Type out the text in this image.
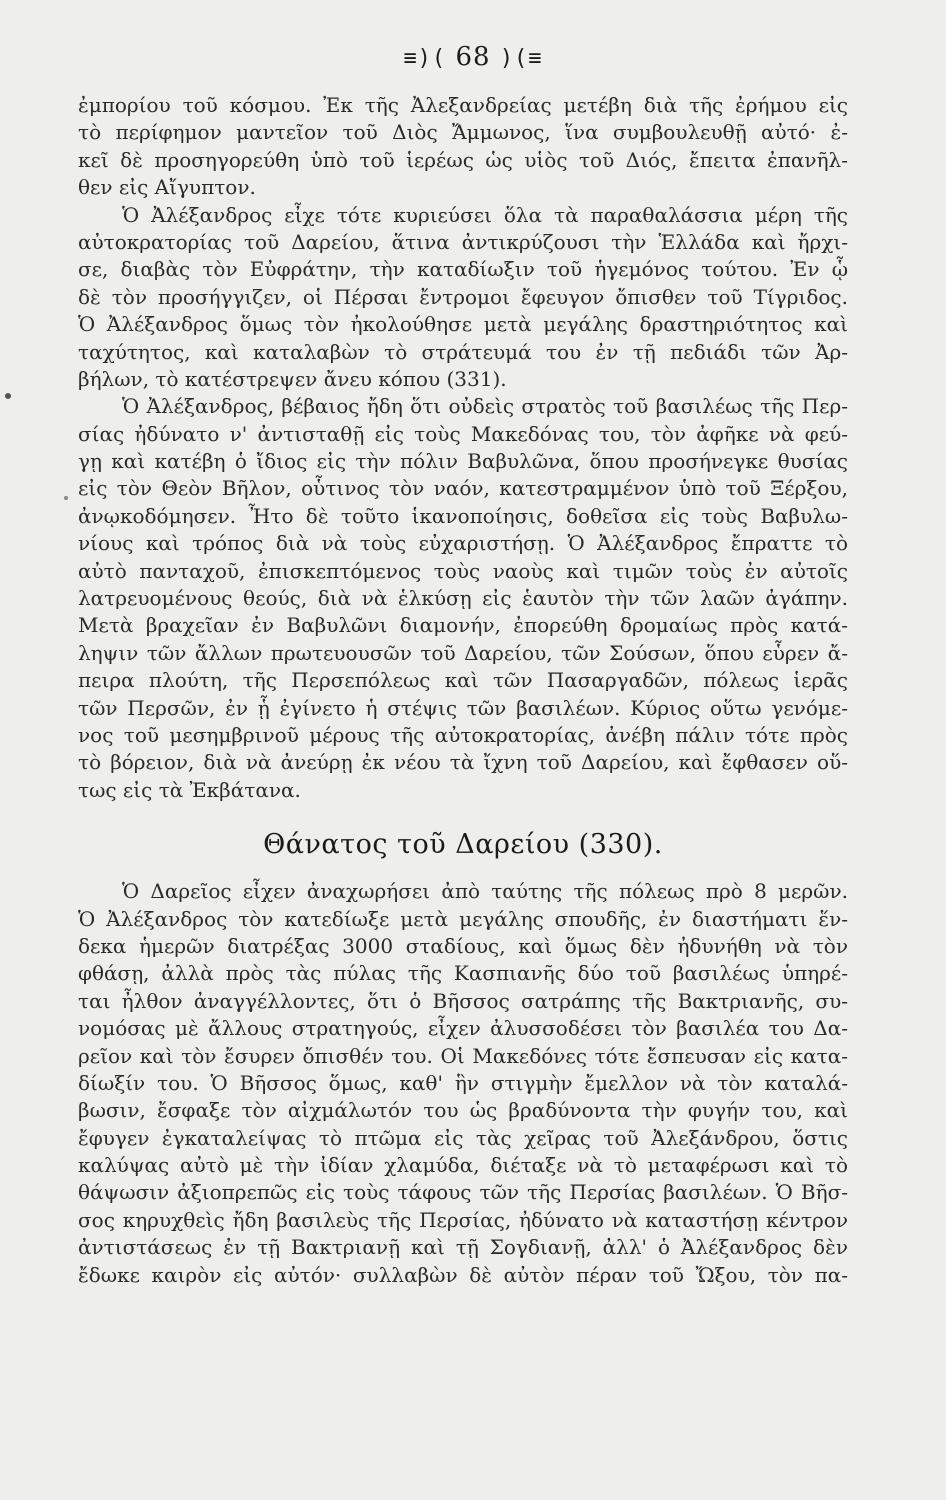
≡)( 68 )(≡
ἐμπορίου τοῦ κόσμου. Ἐκ τῆς Ἀλεξανδρείας μετέβη διὰ τῆς ἐρήμου εἰς
τὸ περίφημον μαντεῖον τοῦ Διὸς Ἄμμωνος, ἵνα συμβουλευθῇ αὐτό· ἐ-
κεῖ δὲ προσηγορεύθη ὑπὸ τοῦ ἱερέως ὡς υἱὸς τοῦ Διός, ἔπειτα ἐπανῆλ-
θεν εἰς Αἴγυπτον.
Ὁ Ἀλέξανδρος εἶχε τότε κυριεύσει ὅλα τὰ παραθαλάσσια μέρη τῆς
αὐτοκρατορίας τοῦ Δαρείου, ἅτινα ἀντικρύζουσι τὴν Ἑλλάδα καὶ ἤρχι-
σε, διαβὰς τὸν Εὐφράτην, τὴν καταδίωξιν τοῦ ἡγεμόνος τούτου. Ἐν ᾧ
δὲ τὸν προσήγγιζεν, οἱ Πέρσαι ἔντρομοι ἔφευγον ὄπισθεν τοῦ Τίγριδος.
Ὁ Ἀλέξανδρος ὅμως τὸν ἠκολούθησε μετὰ μεγάλης δραστηριότητος καὶ
ταχύτητος, καὶ καταλαβὼν τὸ στράτευμά του ἐν τῇ πεδιάδι τῶν Ἀρ-
βήλων, τὸ κατέστρεψεν ἄνευ κόπου (331).
Ὁ Ἀλέξανδρος, βέβαιος ἤδη ὅτι οὐδεὶς στρατὸς τοῦ βασιλέως τῆς Περ-
σίας ἠδύνατο ν' ἀντισταθῇ εἰς τοὺς Μακεδόνας του, τὸν ἀφῆκε νὰ φεύ-
γῃ καὶ κατέβη ὁ ἴδιος εἰς τὴν πόλιν Βαβυλῶνα, ὅπου προσήνεγκε θυσίας
εἰς τὸν Θεὸν Βῆλον, οὗτινος τὸν ναόν, κατεστραμμένον ὑπὸ τοῦ Ξέρξου,
ἀνῳκοδόμησεν. Ἦτο δὲ τοῦτο ἱκανοποίησις, δοθεῖσα εἰς τοὺς Βαβυλω-
νίους καὶ τρόπος διὰ νὰ τοὺς εὐχαριστήσῃ. Ὁ Ἀλέξανδρος ἔπραττε τὸ
αὐτὸ πανταχοῦ, ἐπισκεπτόμενος τοὺς ναοὺς καὶ τιμῶν τοὺς ἐν αὐτοῖς
λατρευομένους θεούς, διὰ νὰ ἑλκύσῃ εἰς ἑαυτὸν τὴν τῶν λαῶν ἀγάπην.
Μετὰ βραχεῖαν ἐν Βαβυλῶνι διαμονήν, ἐπορεύθη δρομαίως πρὸς κατά-
ληψιν τῶν ἄλλων πρωτευουσῶν τοῦ Δαρείου, τῶν Σούσων, ὅπου εὗρεν ἄ-
πειρα πλούτη, τῆς Περσεπόλεως καὶ τῶν Πασαργαδῶν, πόλεως ἱερᾶς
τῶν Περσῶν, ἐν ᾗ ἐγίνετο ἡ στέψις τῶν βασιλέων. Κύριος οὕτω γενόμε-
νος τοῦ μεσημβρινοῦ μέρους τῆς αὐτοκρατορίας, ἀνέβη πάλιν τότε πρὸς
τὸ βόρειον, διὰ νὰ ἀνεύρῃ ἐκ νέου τὰ ἴχνη τοῦ Δαρείου, καὶ ἔφθασεν οὕ-
τως εἰς τὰ Ἐκβάτανα.
Θάνατος τοῦ Δαρείου (330).
Ὁ Δαρεῖος εἶχεν ἀναχωρήσει ἀπὸ ταύτης τῆς πόλεως πρὸ 8 μερῶν.
Ὁ Ἀλέξανδρος τὸν κατεδίωξε μετὰ μεγάλης σπουδῆς, ἐν διαστήματι ἕν-
δεκα ἡμερῶν διατρέξας 3000 σταδίους, καὶ ὅμως δὲν ἠδυνήθη νὰ τὸν
φθάσῃ, ἀλλὰ πρὸς τὰς πύλας τῆς Κασπιανῆς δύο τοῦ βασιλέως ὑπηρέ-
ται ἦλθον ἀναγγέλλοντες, ὅτι ὁ Βῆσσος σατράπης τῆς Βακτριανῆς, συ-
νομόσας μὲ ἄλλους στρατηγούς, εἶχεν ἀλυσσοδέσει τὸν βασιλέα του Δα-
ρεῖον καὶ τὸν ἔσυρεν ὄπισθέν του. Οἱ Μακεδόνες τότε ἔσπευσαν εἰς κατα-
δίωξίν του. Ὁ Βῆσσος ὅμως, καθ' ἣν στιγμὴν ἔμελλον νὰ τὸν καταλά-
βωσιν, ἔσφαξε τὸν αἰχμάλωτόν του ὡς βραδύνοντα τὴν φυγήν του, καὶ
ἔφυγεν ἐγκαταλείψας τὸ πτῶμα εἰς τὰς χεῖρας τοῦ Ἀλεξάνδρου, ὅστις
καλύψας αὐτὸ μὲ τὴν ἰδίαν χλαμύδα, διέταξε νὰ τὸ μεταφέρωσι καὶ τὸ
θάψωσιν ἀξιοπρεπῶς εἰς τοὺς τάφους τῶν τῆς Περσίας βασιλέων. Ὁ Βῆσ-
σος κηρυχθεὶς ἤδη βασιλεὺς τῆς Περσίας, ἠδύνατο νὰ καταστήσῃ κέντρον
ἀντιστάσεως ἐν τῇ Βακτριανῇ καὶ τῇ Σογδιανῇ, ἀλλ' ὁ Ἀλέξανδρος δὲν
ἔδωκε καιρὸν εἰς αὐτόν· συλλαβὼν δὲ αὐτὸν πέραν τοῦ Ὤξου, τὸν πα-
